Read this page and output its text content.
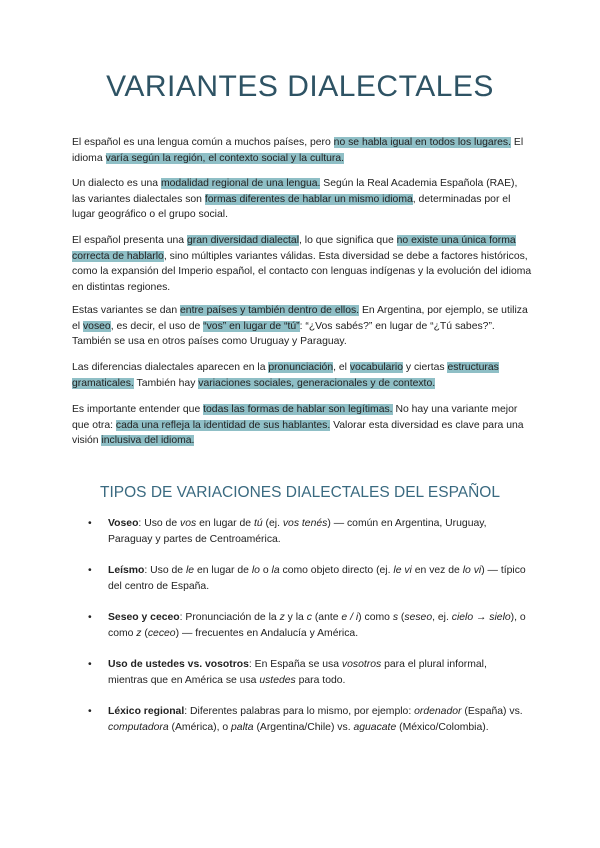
VARIANTES DIALECTALES

El español es una lengua común a muchos países, pero no se habla igual en todos los lugares. El idioma varía según la región, el contexto social y la cultura.

Un dialecto es una modalidad regional de una lengua. Según la Real Academia Española (RAE), las variantes dialectales son formas diferentes de hablar un mismo idioma, determinadas por el lugar geográfico o el grupo social.

El español presenta una gran diversidad dialectal, lo que significa que no existe una única forma correcta de hablarlo, sino múltiples variantes válidas. Esta diversidad se debe a factores históricos, como la expansión del Imperio español, el contacto con lenguas indígenas y la evolución del idioma en distintas regiones.

Estas variantes se dan entre países y también dentro de ellos. En Argentina, por ejemplo, se utiliza el voseo, es decir, el uso de “vos” en lugar de “tú”: “¿Vos sabés?” en lugar de “¿Tú sabes?”. También se usa en otros países como Uruguay y Paraguay.

Las diferencias dialectales aparecen en la pronunciación, el vocabulario y ciertas estructuras gramaticales. También hay variaciones sociales, generacionales y de contexto.

Es importante entender que todas las formas de hablar son legítimas. No hay una variante mejor que otra: cada una refleja la identidad de sus hablantes. Valorar esta diversidad es clave para una visión inclusiva del idioma.

TIPOS DE VARIACIONES DIALECTALES DEL ESPAÑOL
• Voseo: Uso de vos en lugar de tú (ej. vos tenés) — común en Argentina, Uruguay, Paraguay y partes de Centroamérica.
• Leísmo: Uso de le en lugar de lo o la como objeto directo (ej. le vi en vez de lo vi) — típico del centro de España.
• Seseo y ceceo: Pronunciación de la z y la c (ante e / i) como s (seseo, ej. cielo → sielo), o como z (ceceo) — frecuentes en Andalucía y América.
• Uso de ustedes vs. vosotros: En España se usa vosotros para el plural informal, mientras que en América se usa ustedes para todo.
• Léxico regional: Diferentes palabras para lo mismo, por ejemplo: ordenador (España) vs. computadora (América), o palta (Argentina/Chile) vs. aguacate (México/Colombia).
